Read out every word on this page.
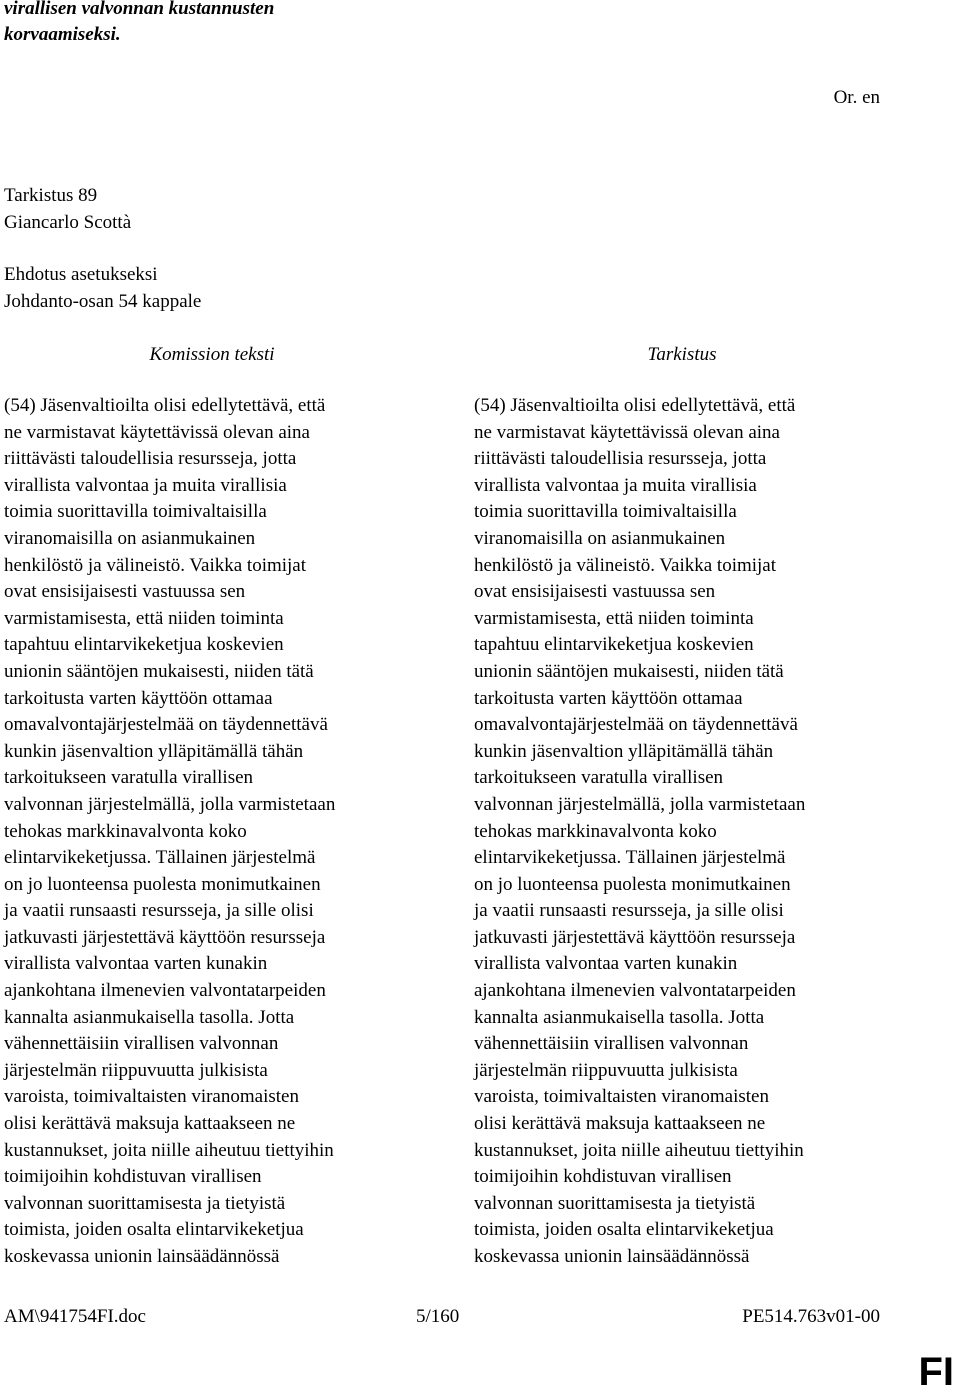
virallisen valvonnan kustannusten
korvaamiseksi.
Or. en
Tarkistus 89
Giancarlo Scottà
Ehdotus asetukseksi
Johdanto-osan 54 kappale
Komission teksti	Tarkistus
(54) Jäsenvaltioilta olisi edellytettävä, että
ne varmistavat käytettävissä olevan aina
riittävästi taloudellisia resursseja, jotta
virallista valvontaa ja muita virallisia
toimia suorittavilla toimivaltaisilla
viranomaisilla on asianmukainen
henkilöstö ja välineistö. Vaikka toimijat
ovat ensisijaisesti vastuussa sen
varmistamisesta, että niiden toiminta
tapahtuu elintarvikeketjua koskevien
unionin sääntöjen mukaisesti, niiden tätä
tarkoitusta varten käyttöön ottamaa
omavalvontajärjestelmää on täydennettävä
kunkin jäsenvaltion ylläpitämällä tähän
tarkoitukseen varatulla virallisen
valvonnan järjestelmällä, jolla varmistetaan
tehokas markkinavalvonta koko
elintarvikeketjussa. Tällainen järjestelmä
on jo luonteensa puolesta monimutkainen
ja vaatii runsaasti resursseja, ja sille olisi
jatkuvasti järjestettävä käyttöön resursseja
virallista valvontaa varten kunakin
ajankohtana ilmenevien valvontatarpeiden
kannalta asianmukaisella tasolla. Jotta
vähennettäisiin virallisen valvonnan
järjestelmän riippuvuutta julkisista
varoista, toimivaltaisten viranomaisten
olisi kerättävä maksuja kattaakseen ne
kustannukset, joita niille aiheutuu tiettyihin
toimijoihin kohdistuvan virallisen
valvonnan suorittamisesta ja tietyistä
toimista, joiden osalta elintarvikeketjua
koskevassa unionin lainsäädännössä
(54) Jäsenvaltioilta olisi edellytettävä, että
ne varmistavat käytettävissä olevan aina
riittävästi taloudellisia resursseja, jotta
virallista valvontaa ja muita virallisia
toimia suorittavilla toimivaltaisilla
viranomaisilla on asianmukainen
henkilöstö ja välineistö. Vaikka toimijat
ovat ensisijaisesti vastuussa sen
varmistamisesta, että niiden toiminta
tapahtuu elintarvikeketjua koskevien
unionin sääntöjen mukaisesti, niiden tätä
tarkoitusta varten käyttöön ottamaa
omavalvontajärjestelmää on täydennettävä
kunkin jäsenvaltion ylläpitämällä tähän
tarkoitukseen varatulla virallisen
valvonnan järjestelmällä, jolla varmistetaan
tehokas markkinavalvonta koko
elintarvikeketjussa. Tällainen järjestelmä
on jo luonteensa puolesta monimutkainen
ja vaatii runsaasti resursseja, ja sille olisi
jatkuvasti järjestettävä käyttöön resursseja
virallista valvontaa varten kunakin
ajankohtana ilmenevien valvontatarpeiden
kannalta asianmukaisella tasolla. Jotta
vähennettäisiin virallisen valvonnan
järjestelmän riippuvuutta julkisista
varoista, toimivaltaisten viranomaisten
olisi kerättävä maksuja kattaakseen ne
kustannukset, joita niille aiheutuu tiettyihin
toimijoihin kohdistuvan virallisen
valvonnan suorittamisesta ja tietyistä
toimista, joiden osalta elintarvikeketjua
koskevassa unionin lainsäädännössä
AM\941754FI.doc	5/160	PE514.763v01-00
FI
